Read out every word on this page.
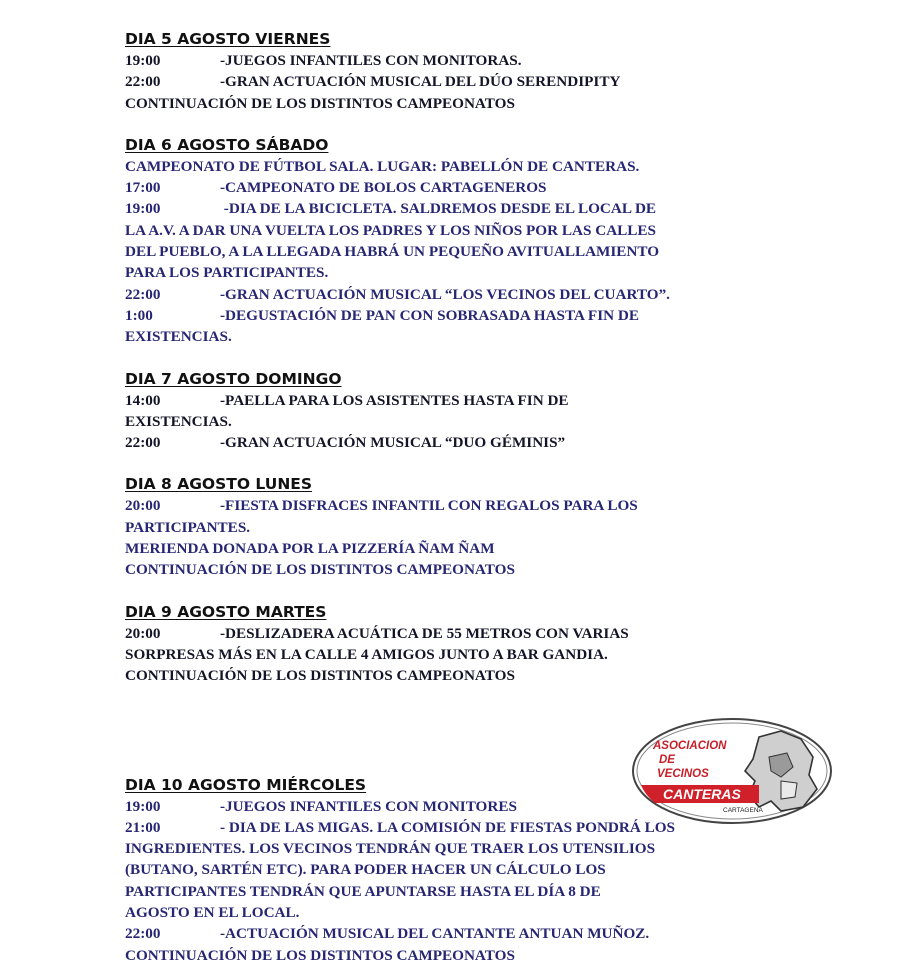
DIA 5 AGOSTO VIERNES
19:00	-JUEGOS INFANTILES CON MONITORAS.
22:00	-GRAN ACTUACIÓN MUSICAL DEL DÚO SERENDIPITY
CONTINUACIÓN DE LOS DISTINTOS CAMPEONATOS
DIA 6 AGOSTO SÁBADO
CAMPEONATO DE FÚTBOL SALA. LUGAR: PABELLÓN DE CANTERAS.
17:00	-CAMPEONATO DE BOLOS CARTAGENEROS
19:00	-DIA DE LA BICICLETA. SALDREMOS DESDE EL LOCAL DE
LA A.V. A DAR UNA VUELTA LOS PADRES Y LOS NIÑOS POR LAS CALLES
DEL PUEBLO, A LA LLEGADA HABRÁ UN PEQUEÑO AVITUALLAMIENTO
PARA LOS PARTICIPANTES.
22:00	-GRAN ACTUACIÓN MUSICAL “LOS VECINOS DEL CUARTO”.
1:00	-DEGUSTACIÓN DE PAN CON SOBRASADA HASTA FIN DE
EXISTENCIAS.
DIA 7 AGOSTO DOMINGO
14:00	-PAELLA PARA LOS ASISTENTES HASTA FIN DE
EXISTENCIAS.
22:00	-GRAN ACTUACIÓN MUSICAL “DUO GÉMINIS”
DIA 8 AGOSTO LUNES
20:00	-FIESTA DISFRACES INFANTIL CON REGALOS PARA LOS
PARTICIPANTES.
MERIENDA DONADA POR LA PIZZERÍA ÑAM ÑAM
CONTINUACIÓN DE LOS DISTINTOS CAMPEONATOS
DIA 9 AGOSTO MARTES
20:00	-DESLIZADERA ACUÁTICA DE 55 METROS CON VARIAS
SORPRESAS MÁS EN LA CALLE 4 AMIGOS JUNTO A BAR GANDIA.
CONTINUACIÓN DE LOS DISTINTOS CAMPEONATOS
DIA 10 AGOSTO MIÉRCOLES
19:00	-JUEGOS INFANTILES CON MONITORES
21:00	- DIA DE LAS MIGAS. LA COMISIÓN DE FIESTAS PONDRÁ LOS
INGREDIENTES. LOS VECINOS TENDRÁN QUE TRAER LOS UTENSILIOS
(BUTANO, SARTÉN ETC). PARA PODER HACER UN CÁLCULO LOS
PARTICIPANTES TENDRÁN QUE APUNTARSE HASTA EL DÍA 8 DE
AGOSTO EN EL LOCAL.
22:00	-ACTUACIÓN MUSICAL DEL CANTANTE ANTUAN MUÑOZ.
CONTINUACIÓN DE LOS DISTINTOS CAMPEONATOS
ASOCIACION
DE
VECINOS
CANTERAS
CARTAGENA
